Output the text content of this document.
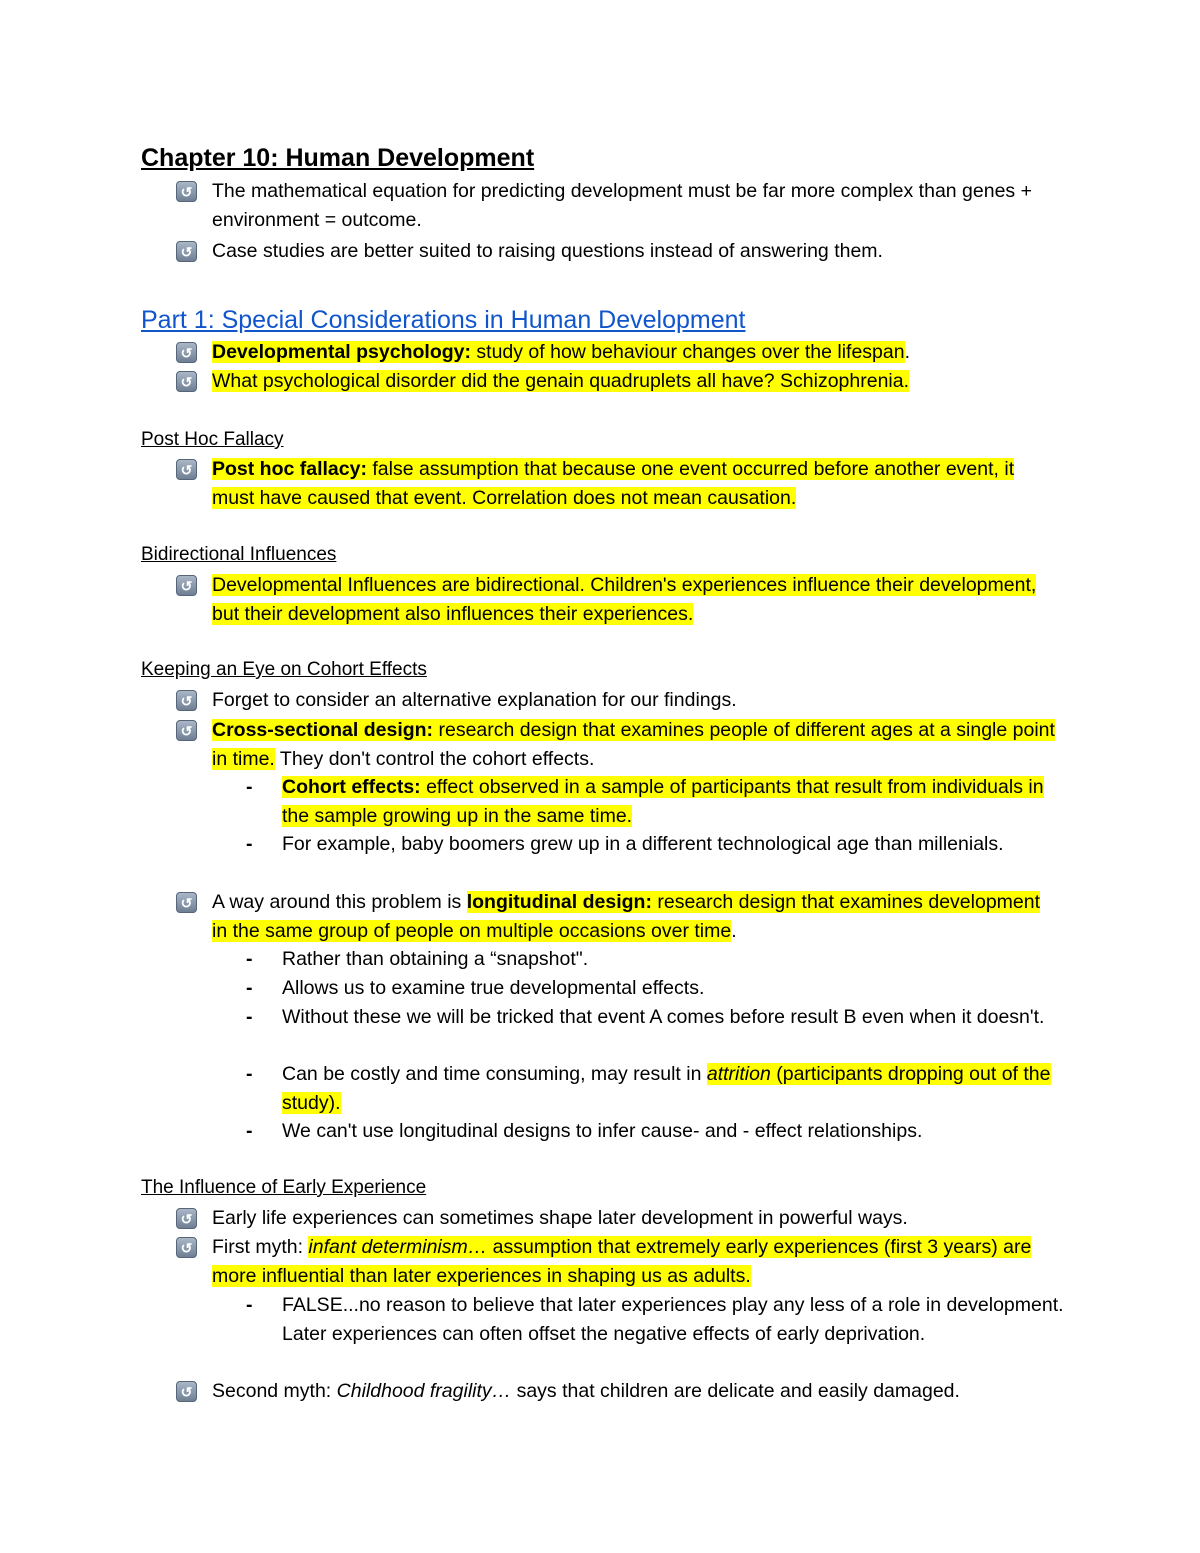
Chapter 10: Human Development
↺ The mathematical equation for predicting development must be far more complex than genes + environment = outcome.
↺ Case studies are better suited to raising questions instead of answering them.
Part 1: Special Considerations in Human Development
↺ Developmental psychology: study of how behaviour changes over the lifespan.
↺ What psychological disorder did the genain quadruplets all have? Schizophrenia.
Post Hoc Fallacy
↺ Post hoc fallacy: false assumption that because one event occurred before another event, it must have caused that event. Correlation does not mean causation.
Bidirectional Influences
↺ Developmental Influences are bidirectional. Children's experiences influence their development, but their development also influences their experiences.
Keeping an Eye on Cohort Effects
↺ Forget to consider an alternative explanation for our findings.
↺ Cross-sectional design: research design that examines people of different ages at a single point in time. They don't control the cohort effects.
- Cohort effects: effect observed in a sample of participants that result from individuals in the sample growing up in the same time.
- For example, baby boomers grew up in a different technological age than millenials.
↺ A way around this problem is longitudinal design: research design that examines development in the same group of people on multiple occasions over time.
- Rather than obtaining a “snapshot".
- Allows us to examine true developmental effects.
- Without these we will be tricked that event A comes before result B even when it doesn't.
- Can be costly and time consuming, may result in attrition (participants dropping out of the study).
- We can't use longitudinal designs to infer cause- and - effect relationships.
The Influence of Early Experience
↺ Early life experiences can sometimes shape later development in powerful ways.
↺ First myth: infant determinism… assumption that extremely early experiences (first 3 years) are more influential than later experiences in shaping us as adults.
- FALSE...no reason to believe that later experiences play any less of a role in development. Later experiences can often offset the negative effects of early deprivation.
↺ Second myth: Childhood fragility… says that children are delicate and easily damaged.
